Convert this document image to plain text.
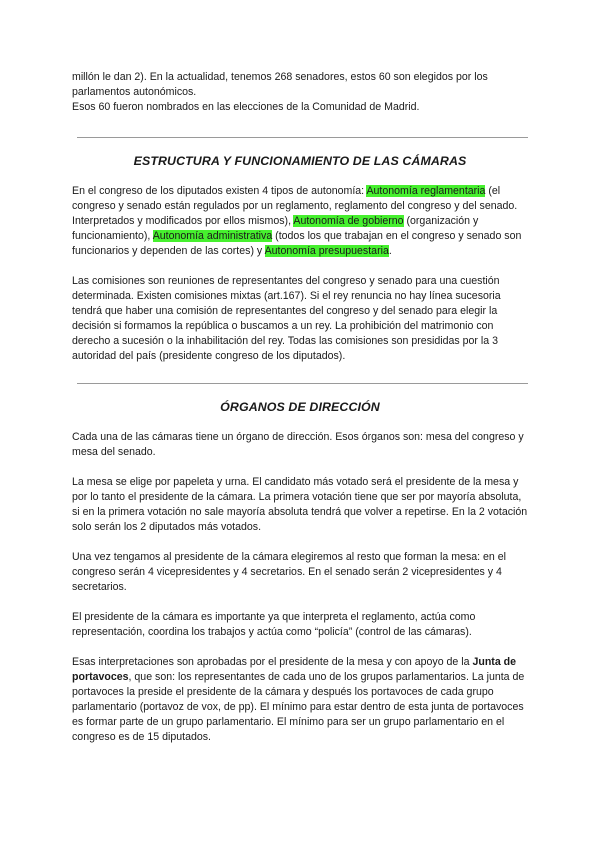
millón le dan 2). En la actualidad, tenemos 268 senadores, estos 60 son elegidos por los parlamentos autonómicos.

Esos 60 fueron nombrados en las elecciones de la Comunidad de Madrid.

ESTRUCTURA Y FUNCIONAMIENTO DE LAS CÁMARAS

En el congreso de los diputados existen 4 tipos de autonomía: Autonomía reglamentaria (el congreso y senado están regulados por un reglamento, reglamento del congreso y del senado. Interpretados y modificados por ellos mismos), Autonomía de gobierno (organización y funcionamiento), Autonomía administrativa (todos los que trabajan en el congreso y senado son funcionarios y dependen de las cortes) y Autonomía presupuestaria.

Las comisiones son reuniones de representantes del congreso y senado para una cuestión determinada. Existen comisiones mixtas (art.167). Si el rey renuncia no hay línea sucesoria tendrá que haber una comisión de representantes del congreso y del senado para elegir la decisión si formamos la república o buscamos a un rey. La prohibición del matrimonio con derecho a sucesión o la inhabilitación del rey. Todas las comisiones son presididas por la 3 autoridad del país (presidente congreso de los diputados).

ÓRGANOS DE DIRECCIÓN

Cada una de las cámaras tiene un órgano de dirección. Esos órganos son: mesa del congreso y mesa del senado.

La mesa se elige por papeleta y urna. El candidato más votado será el presidente de la mesa y por lo tanto el presidente de la cámara. La primera votación tiene que ser por mayoría absoluta, si en la primera votación no sale mayoría absoluta tendrá que volver a repetirse. En la 2 votación solo serán los 2 diputados más votados.

Una vez tengamos al presidente de la cámara elegiremos al resto que forman la mesa: en el congreso serán 4 vicepresidentes y 4 secretarios. En el senado serán 2 vicepresidentes y 4 secretarios.

El presidente de la cámara es importante ya que interpreta el reglamento, actúa como representación, coordina los trabajos y actúa como “policía” (control de las cámaras).

Esas interpretaciones son aprobadas por el presidente de la mesa y con apoyo de la Junta de portavoces, que son: los representantes de cada uno de los grupos parlamentarios. La junta de portavoces la preside el presidente de la cámara y después los portavoces de cada grupo parlamentario (portavoz de vox, de pp). El mínimo para estar dentro de esta junta de portavoces es formar parte de un grupo parlamentario. El mínimo para ser un grupo parlamentario en el congreso es de 15 diputados.
